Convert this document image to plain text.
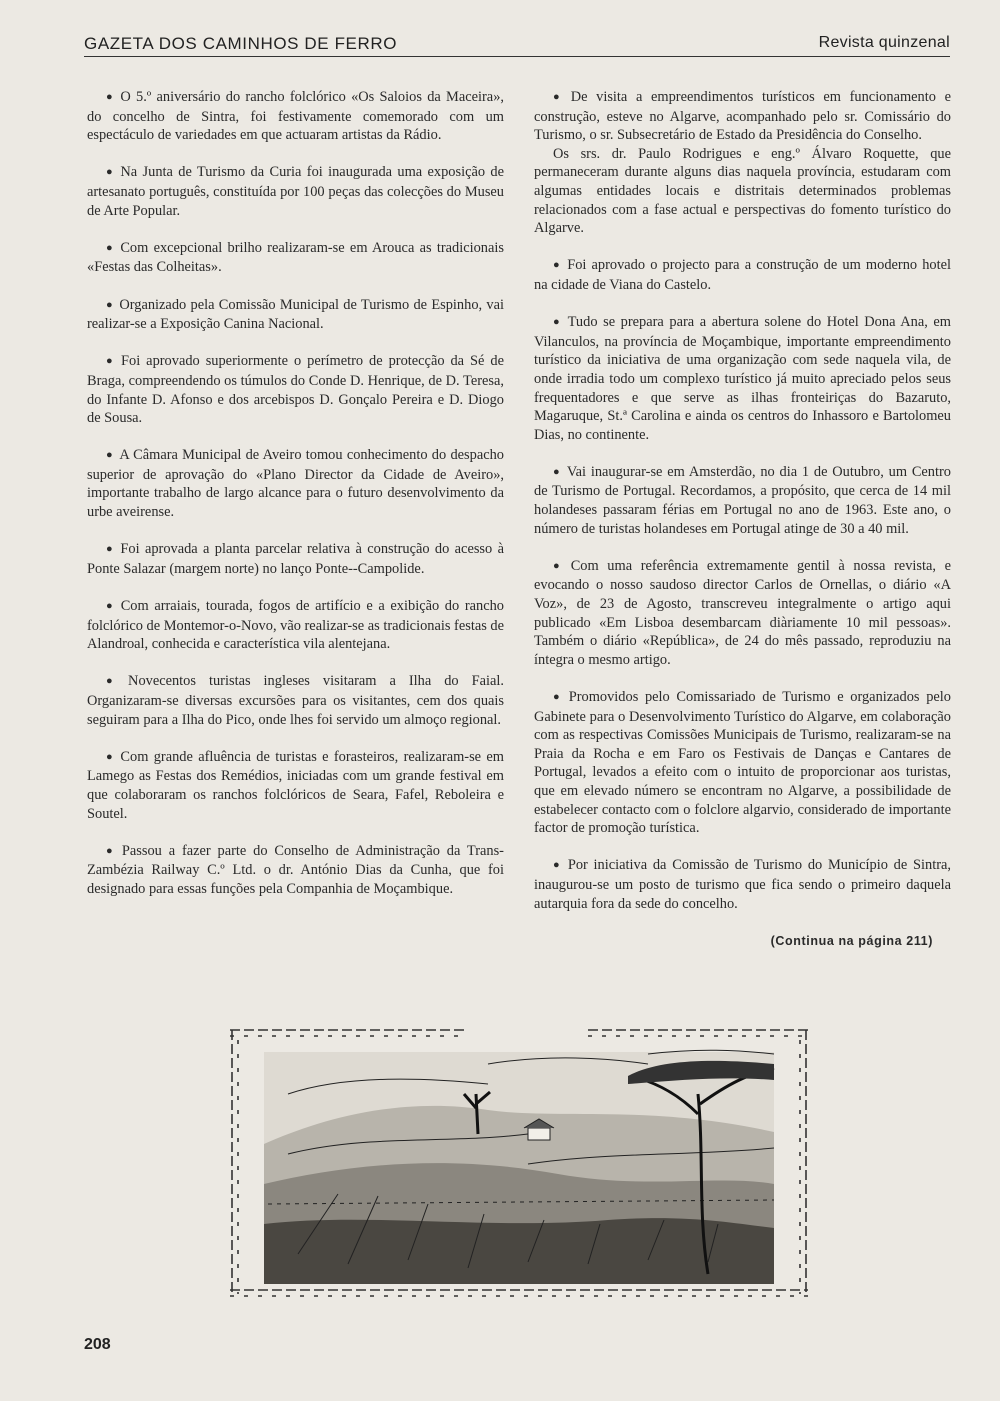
GAZETA DOS CAMINHOS DE FERRO	Revista quinzenal

● O 5.º aniversário do rancho folclórico «Os Saloios da Maceira», do concelho de Sintra, foi festivamente comemorado com um espectáculo de variedades em que actuaram artistas da Rádio.

● Na Junta de Turismo da Curia foi inaugurada uma exposição de artesanato português, constituída por 100 peças das colecções do Museu de Arte Popular.

● Com excepcional brilho realizaram-se em Arouca as tradicionais «Festas das Colheitas».

● Organizado pela Comissão Municipal de Turismo de Espinho, vai realizar-se a Exposição Canina Nacional.

● Foi aprovado superiormente o perímetro de protecção da Sé de Braga, compreendendo os túmulos do Conde D. Henrique, de D. Teresa, do Infante D. Afonso e dos arcebispos D. Gonçalo Pereira e D. Diogo de Sousa.

● A Câmara Municipal de Aveiro tomou conhecimento do despacho superior de aprovação do «Plano Director da Cidade de Aveiro», importante trabalho de largo alcance para o futuro desenvolvimento da urbe aveirense.

● Foi aprovada a planta parcelar relativa à construção do acesso à Ponte Salazar (margem norte) no lanço Ponte--Campolide.

● Com arraiais, tourada, fogos de artifício e a exibição do rancho folclórico de Montemor-o-Novo, vão realizar-se as tradicionais festas de Alandroal, conhecida e característica vila alentejana.

● Novecentos turistas ingleses visitaram a Ilha do Faial. Organizaram-se diversas excursões para os visitantes, cem dos quais seguiram para a Ilha do Pico, onde lhes foi servido um almoço regional.

● Com grande afluência de turistas e forasteiros, realizaram-se em Lamego as Festas dos Remédios, iniciadas com um grande festival em que colaboraram os ranchos folclóricos de Seara, Fafel, Reboleira e Soutel.

● Passou a fazer parte do Conselho de Administração da Trans-Zambézia Railway C.º Ltd. o dr. António Dias da Cunha, que foi designado para essas funções pela Companhia de Moçambique.

● De visita a empreendimentos turísticos em funcionamento e construção, esteve no Algarve, acompanhado pelo sr. Comissário do Turismo, o sr. Subsecretário de Estado da Presidência do Conselho.

Os srs. dr. Paulo Rodrigues e eng.º Álvaro Roquette, que permaneceram durante alguns dias naquela província, estudaram com algumas entidades locais e distritais determinados problemas relacionados com a fase actual e perspectivas do fomento turístico do Algarve.

● Foi aprovado o projecto para a construção de um moderno hotel na cidade de Viana do Castelo.

● Tudo se prepara para a abertura solene do Hotel Dona Ana, em Vilanculos, na província de Moçambique, importante empreendimento turístico da iniciativa de uma organização com sede naquela vila, de onde irradia todo um complexo turístico já muito apreciado pelos seus frequentadores e que serve as ilhas fronteiriças do Bazaruto, Magaruque, St.ª Carolina e ainda os centros do Inhassoro e Bartolomeu Dias, no continente.

● Vai inaugurar-se em Amsterdão, no dia 1 de Outubro, um Centro de Turismo de Portugal. Recordamos, a propósito, que cerca de 14 mil holandeses passaram férias em Portugal no ano de 1963. Este ano, o número de turistas holandeses em Portugal atinge de 30 a 40 mil.

● Com uma referência extremamente gentil à nossa revista, e evocando o nosso saudoso director Carlos de Ornellas, o diário «A Voz», de 23 de Agosto, transcreveu integralmente o artigo aqui publicado «Em Lisboa desembarcam diàriamente 10 mil pessoas». Também o diário «República», de 24 do mês passado, reproduziu na íntegra o mesmo artigo.

● Promovidos pelo Comissariado de Turismo e organizados pelo Gabinete para o Desenvolvimento Turístico do Algarve, em colaboração com as respectivas Comissões Municipais de Turismo, realizaram-se na Praia da Rocha e em Faro os Festivais de Danças e Cantares de Portugal, levados a efeito com o intuito de proporcionar aos turistas, que em elevado número se encontram no Algarve, a possibilidade de estabelecer contacto com o folclore algarvio, considerado de importante factor de promoção turística.

● Por iniciativa da Comissão de Turismo do Município de Sintra, inaugurou-se um posto de turismo que fica sendo o primeiro daquela autarquia fora da sede do concelho.

(Continua na página 211)
208
